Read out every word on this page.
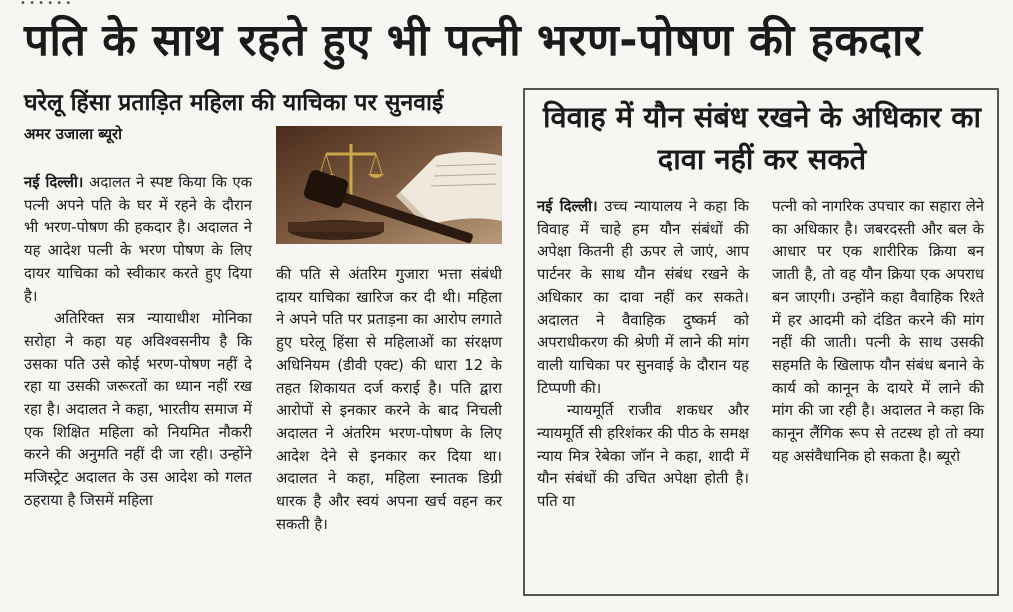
• • • • • •
पति के साथ रहते हुए भी पत्नी भरण-पोषण की हकदार
घरेलू हिंसा प्रताड़ित महिला की याचिका पर सुनवाई
अमर उजाला ब्यूरो

नई दिल्ली। अदालत ने स्पष्ट किया कि एक पत्नी अपने पति के घर में रहने के दौरान भी भरण-पोषण की हकदार है। अदालत ने यह आदेश पत्नी के भरण पोषण के लिए दायर याचिका को स्वीकार करते हुए दिया है।

अतिरिक्त सत्र न्यायाधीश मोनिका सरोहा ने कहा यह अविश्वसनीय है कि उसका पति उसे कोई भरण-पोषण नहीं दे रहा या उसकी जरूरतों का ध्यान नहीं रख रहा है। अदालत ने कहा, भारतीय समाज में एक शिक्षित महिला को नियमित नौकरी करने की अनुमति नहीं दी जा रही। उन्होंने मजिस्ट्रेट अदालत के उस आदेश को गलत ठहराया है जिसमें महिला

की पति से अंतरिम गुजारा भत्ता संबंधी दायर याचिका खारिज कर दी थी। महिला ने अपने पति पर प्रताड़ना का आरोप लगाते हुए घरेलू हिंसा से महिलाओं का संरक्षण अधिनियम (डीवी एक्ट) की धारा 12 के तहत शिकायत दर्ज कराई है। पति द्वारा आरोपों से इनकार करने के बाद निचली अदालत ने अंतरिम भरण-पोषण के लिए आदेश देने से इनकार कर दिया था। अदालत ने कहा, महिला स्नातक डिग्री धारक है और स्वयं अपना खर्च वहन कर सकती है।

विवाह में यौन संबंध रखने के अधिकार का दावा नहीं कर सकते

नई दिल्ली। उच्च न्यायालय ने कहा कि विवाह में चाहे हम यौन संबंधों की अपेक्षा कितनी ही ऊपर ले जाएं, आप पार्टनर के साथ यौन संबंध रखने के अधिकार का दावा नहीं कर सकते। अदालत ने वैवाहिक दुष्कर्म को अपराधीकरण की श्रेणी में लाने की मांग वाली याचिका पर सुनवाई के दौरान यह टिप्पणी की।

न्यायमूर्ति राजीव शकधर और न्यायमूर्ति सी हरिशंकर की पीठ के समक्ष न्याय मित्र रेबेका जॉन ने कहा, शादी में यौन संबंधों की उचित अपेक्षा होती है। पति या

पत्नी को नागरिक उपचार का सहारा लेने का अधिकार है। जबरदस्ती और बल के आधार पर एक शारीरिक क्रिया बन जाती है, तो वह यौन क्रिया एक अपराध बन जाएगी। उन्होंने कहा वैवाहिक रिश्ते में हर आदमी को दंडित करने की मांग नहीं की जाती। पत्नी के साथ उसकी सहमति के खिलाफ यौन संबंध बनाने के कार्य को कानून के दायरे में लाने की मांग की जा रही है। अदालत ने कहा कि कानून लैंगिक रूप से तटस्थ हो तो क्या यह असंवैधानिक हो सकता है। ब्यूरो
